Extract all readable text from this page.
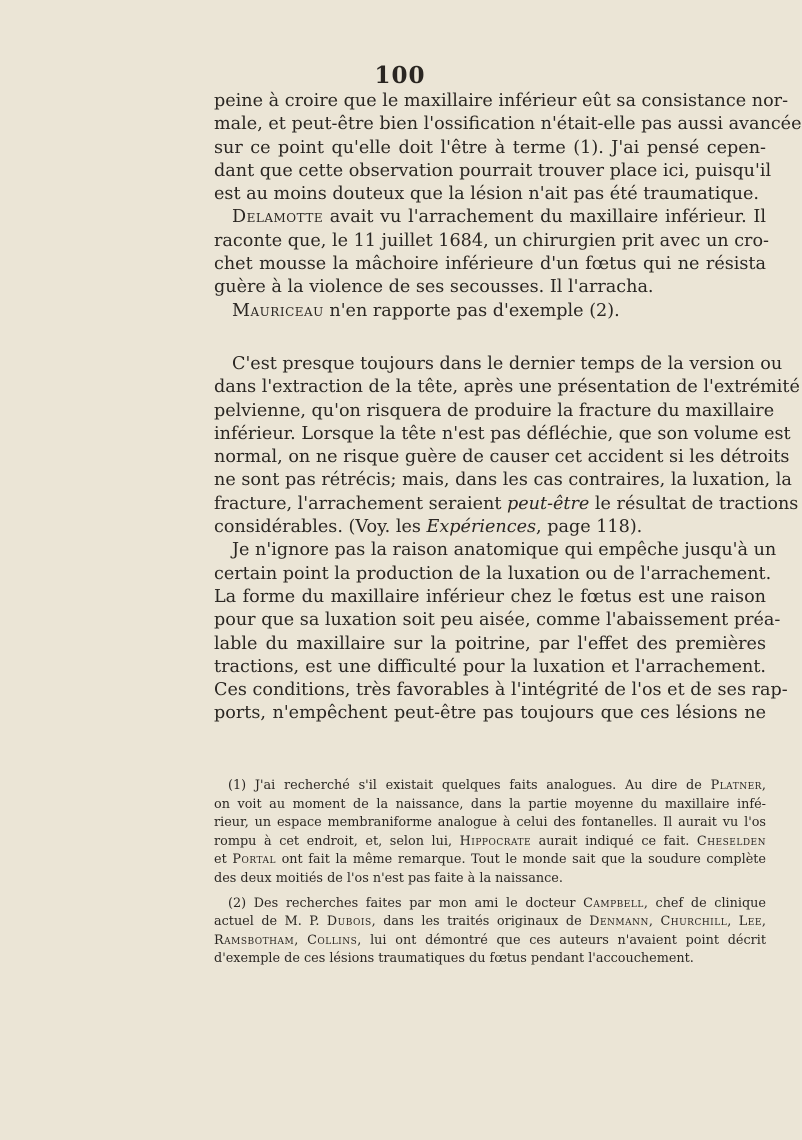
100
peine à croire que le maxillaire inférieur eût sa consistance nor-
male, et peut-être bien l'ossification n'était-elle pas aussi avancée
sur ce point qu'elle doit l'être à terme (1). J'ai pensé cepen-
dant que cette observation pourrait trouver place ici, puisqu'il
est au moins douteux que la lésion n'ait pas été traumatique.
Delamotte avait vu l'arrachement du maxillaire inférieur. Il
raconte que, le 11 juillet 1684, un chirurgien prit avec un cro-
chet mousse la mâchoire inférieure d'un fœtus qui ne résista
guère à la violence de ses secousses. Il l'arracha.
Mauriceau n'en rapporte pas d'exemple (2).
C'est presque toujours dans le dernier temps de la version ou
dans l'extraction de la tête, après une présentation de l'extrémité
pelvienne, qu'on risquera de produire la fracture du maxillaire
inférieur. Lorsque la tête n'est pas défléchie, que son volume est
normal, on ne risque guère de causer cet accident si les détroits
ne sont pas rétrécis; mais, dans les cas contraires, la luxation, la
fracture, l'arrachement seraient peut-être le résultat de tractions
considérables. (Voy. les Expériences, page 118).
Je n'ignore pas la raison anatomique qui empêche jusqu'à un
certain point la production de la luxation ou de l'arrachement.
La forme du maxillaire inférieur chez le fœtus est une raison
pour que sa luxation soit peu aisée, comme l'abaissement préa-
lable du maxillaire sur la poitrine, par l'effet des premières
tractions, est une difficulté pour la luxation et l'arrachement.
Ces conditions, très favorables à l'intégrité de l'os et de ses rap-
ports, n'empêchent peut-être pas toujours que ces lésions ne
(1) J'ai recherché s'il existait quelques faits analogues. Au dire de Platner,
on voit au moment de la naissance, dans la partie moyenne du maxillaire infé-
rieur, un espace membraniforme analogue à celui des fontanelles. Il aurait vu l'os
rompu à cet endroit, et, selon lui, Hippocrate aurait indiqué ce fait. Cheselden
et Portal ont fait la même remarque. Tout le monde sait que la soudure complète
des deux moitiés de l'os n'est pas faite à la naissance.
(2) Des recherches faites par mon ami le docteur Campbell, chef de clinique
actuel de M. P. Dubois, dans les traités originaux de Denmann, Churchill, Lee,
Ramsbotham, Collins, lui ont démontré que ces auteurs n'avaient point décrit
d'exemple de ces lésions traumatiques du fœtus pendant l'accouchement.
